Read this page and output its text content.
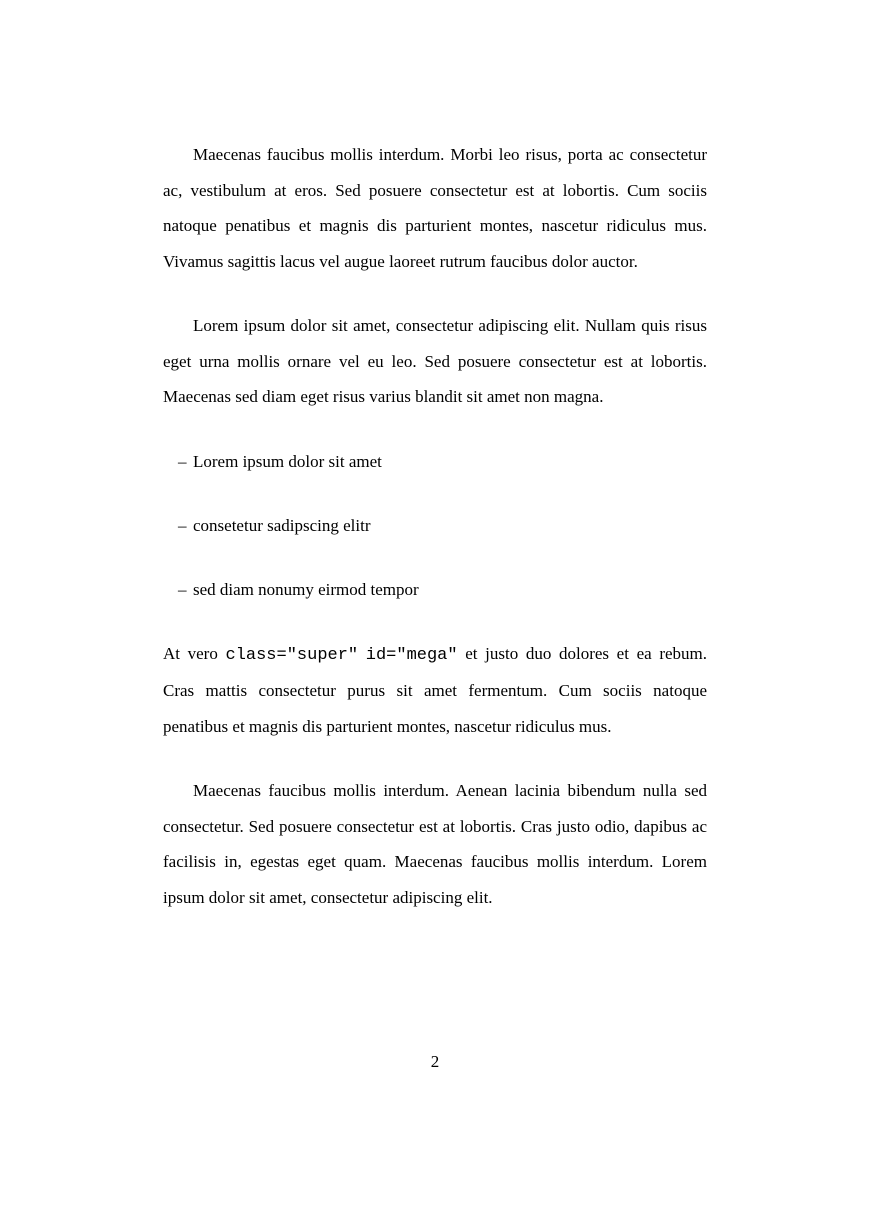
Maecenas faucibus mollis interdum. Morbi leo risus, porta ac consectetur ac, vestibulum at eros. Sed posuere consectetur est at lobortis. Cum sociis natoque penatibus et magnis dis parturient montes, nascetur ridiculus mus. Vivamus sagittis lacus vel augue laoreet rutrum faucibus dolor auctor.

Lorem ipsum dolor sit amet, consectetur adipiscing elit. Nullam quis risus eget urna mollis ornare vel eu leo. Sed posuere consectetur est at lobortis. Maecenas sed diam eget risus varius blandit sit amet non magna.

– Lorem ipsum dolor sit amet
– consetetur sadipscing elitr
– sed diam nonumy eirmod tempor

At vero class="super" id="mega" et justo duo dolores et ea rebum. Cras mattis consectetur purus sit amet fermentum. Cum sociis natoque penatibus et magnis dis parturient montes, nascetur ridiculus mus.

Maecenas faucibus mollis interdum. Aenean lacinia bibendum nulla sed consectetur. Sed posuere consectetur est at lobortis. Cras justo odio, dapibus ac facilisis in, egestas eget quam. Maecenas faucibus mollis interdum. Lorem ipsum dolor sit amet, consectetur adipiscing elit.

2
